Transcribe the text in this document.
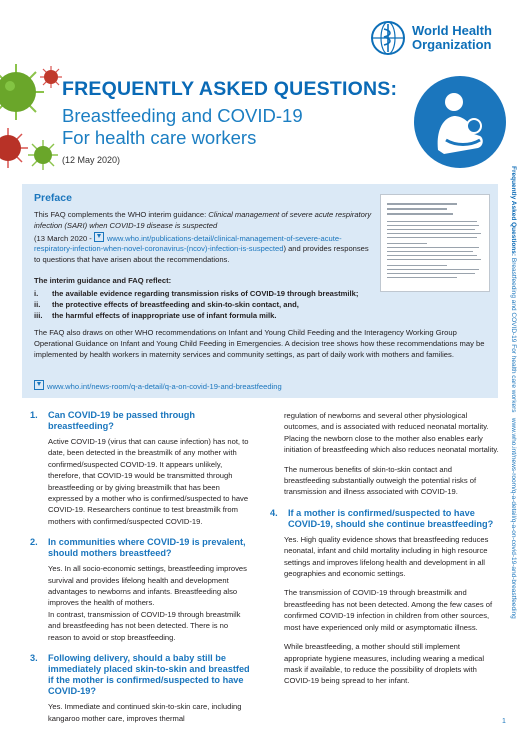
World Health
Organization
FREQUENTLY ASKED QUESTIONS:
Breastfeeding and COVID-19
For health care workers
(12 May 2020)
Preface
This FAQ complements the WHO interim guidance: Clinical management of severe acute respiratory infection (SARI) when COVID-19 disease is suspected
(13 March 2020 - www.who.int/publications-detail/clinical-management-of-severe-acute-respiratory-infection-when-novel-coronavirus-(ncov)-infection-is-suspected) and provides responses to questions that have arisen about the recommendations.
The interim guidance and FAQ reflect:
i. the available evidence regarding transmission risks of COVID-19 through breastmilk;
ii. the protective effects of breastfeeding and skin-to-skin contact, and,
iii. the harmful effects of inappropriate use of infant formula milk.
The FAQ also draws on other WHO recommendations on Infant and Young Child Feeding and the Interagency Working Group Operational Guidance on Infant and Young Child Feeding in Emergencies. A decision tree shows how these recommendations may be implemented by health workers in maternity services and community settings, as part of daily work with mothers and families.
www.who.int/news-room/q-a-detail/q-a-on-covid-19-and-breastfeeding
Frequently Asked Questions: Breastfeeding and COVID-19 For health care workers   www.who.int/news-room/q-a-detail/q-a-on-covid-19-and-breastfeeding
1.	Can COVID-19 be passed through breastfeeding?
Active COVID-19 (virus that can cause infection) has not, to date, been detected in the breastmilk of any mother with confirmed/suspected COVID-19. It appears unlikely, therefore, that COVID-19 would be transmitted through breastfeeding or by giving breastmilk that has been expressed by a mother who is confirmed/suspected to have COVID-19. Researchers continue to test breastmilk from mothers with confirmed/suspected COVID-19.
2.	In communities where COVID-19 is prevalent, should mothers breastfeed?
Yes. In all socio-economic settings, breastfeeding improves survival and provides lifelong health and development advantages to newborns and infants. Breastfeeding also improves the health of mothers.
In contrast, transmission of COVID-19 through breastmilk and breastfeeding has not been detected. There is no reason to avoid or stop breastfeeding.
3.	Following delivery, should a baby still be immediately placed skin-to-skin and breastfed if the mother is confirmed/suspected to have COVID-19?
Yes. Immediate and continued skin-to-skin care, including kangaroo mother care, improves thermal

regulation of newborns and several other physiological outcomes, and is associated with reduced neonatal mortality. Placing the newborn close to the mother also enables early initiation of breastfeeding which also reduces neonatal mortality.

The numerous benefits of skin-to-skin contact and breastfeeding substantially outweigh the potential risks of transmission and illness associated with COVID-19.

4.	If a mother is confirmed/suspected to have COVID-19, should she continue breastfeeding?

Yes. High quality evidence shows that breastfeeding reduces neonatal, infant and child mortality including in high resource settings and improves lifelong health and development in all geographies and economic settings.

The transmission of COVID-19 through breastmilk and breastfeeding has not been detected. Among the few cases of confirmed COVID-19 infection in children from other sources, most have experienced only mild or asymptomatic illness.

While breastfeeding, a mother should still implement appropriate hygiene measures, including wearing a medical mask if available, to reduce the possibility of droplets with COVID-19 being spread to her infant.

1
